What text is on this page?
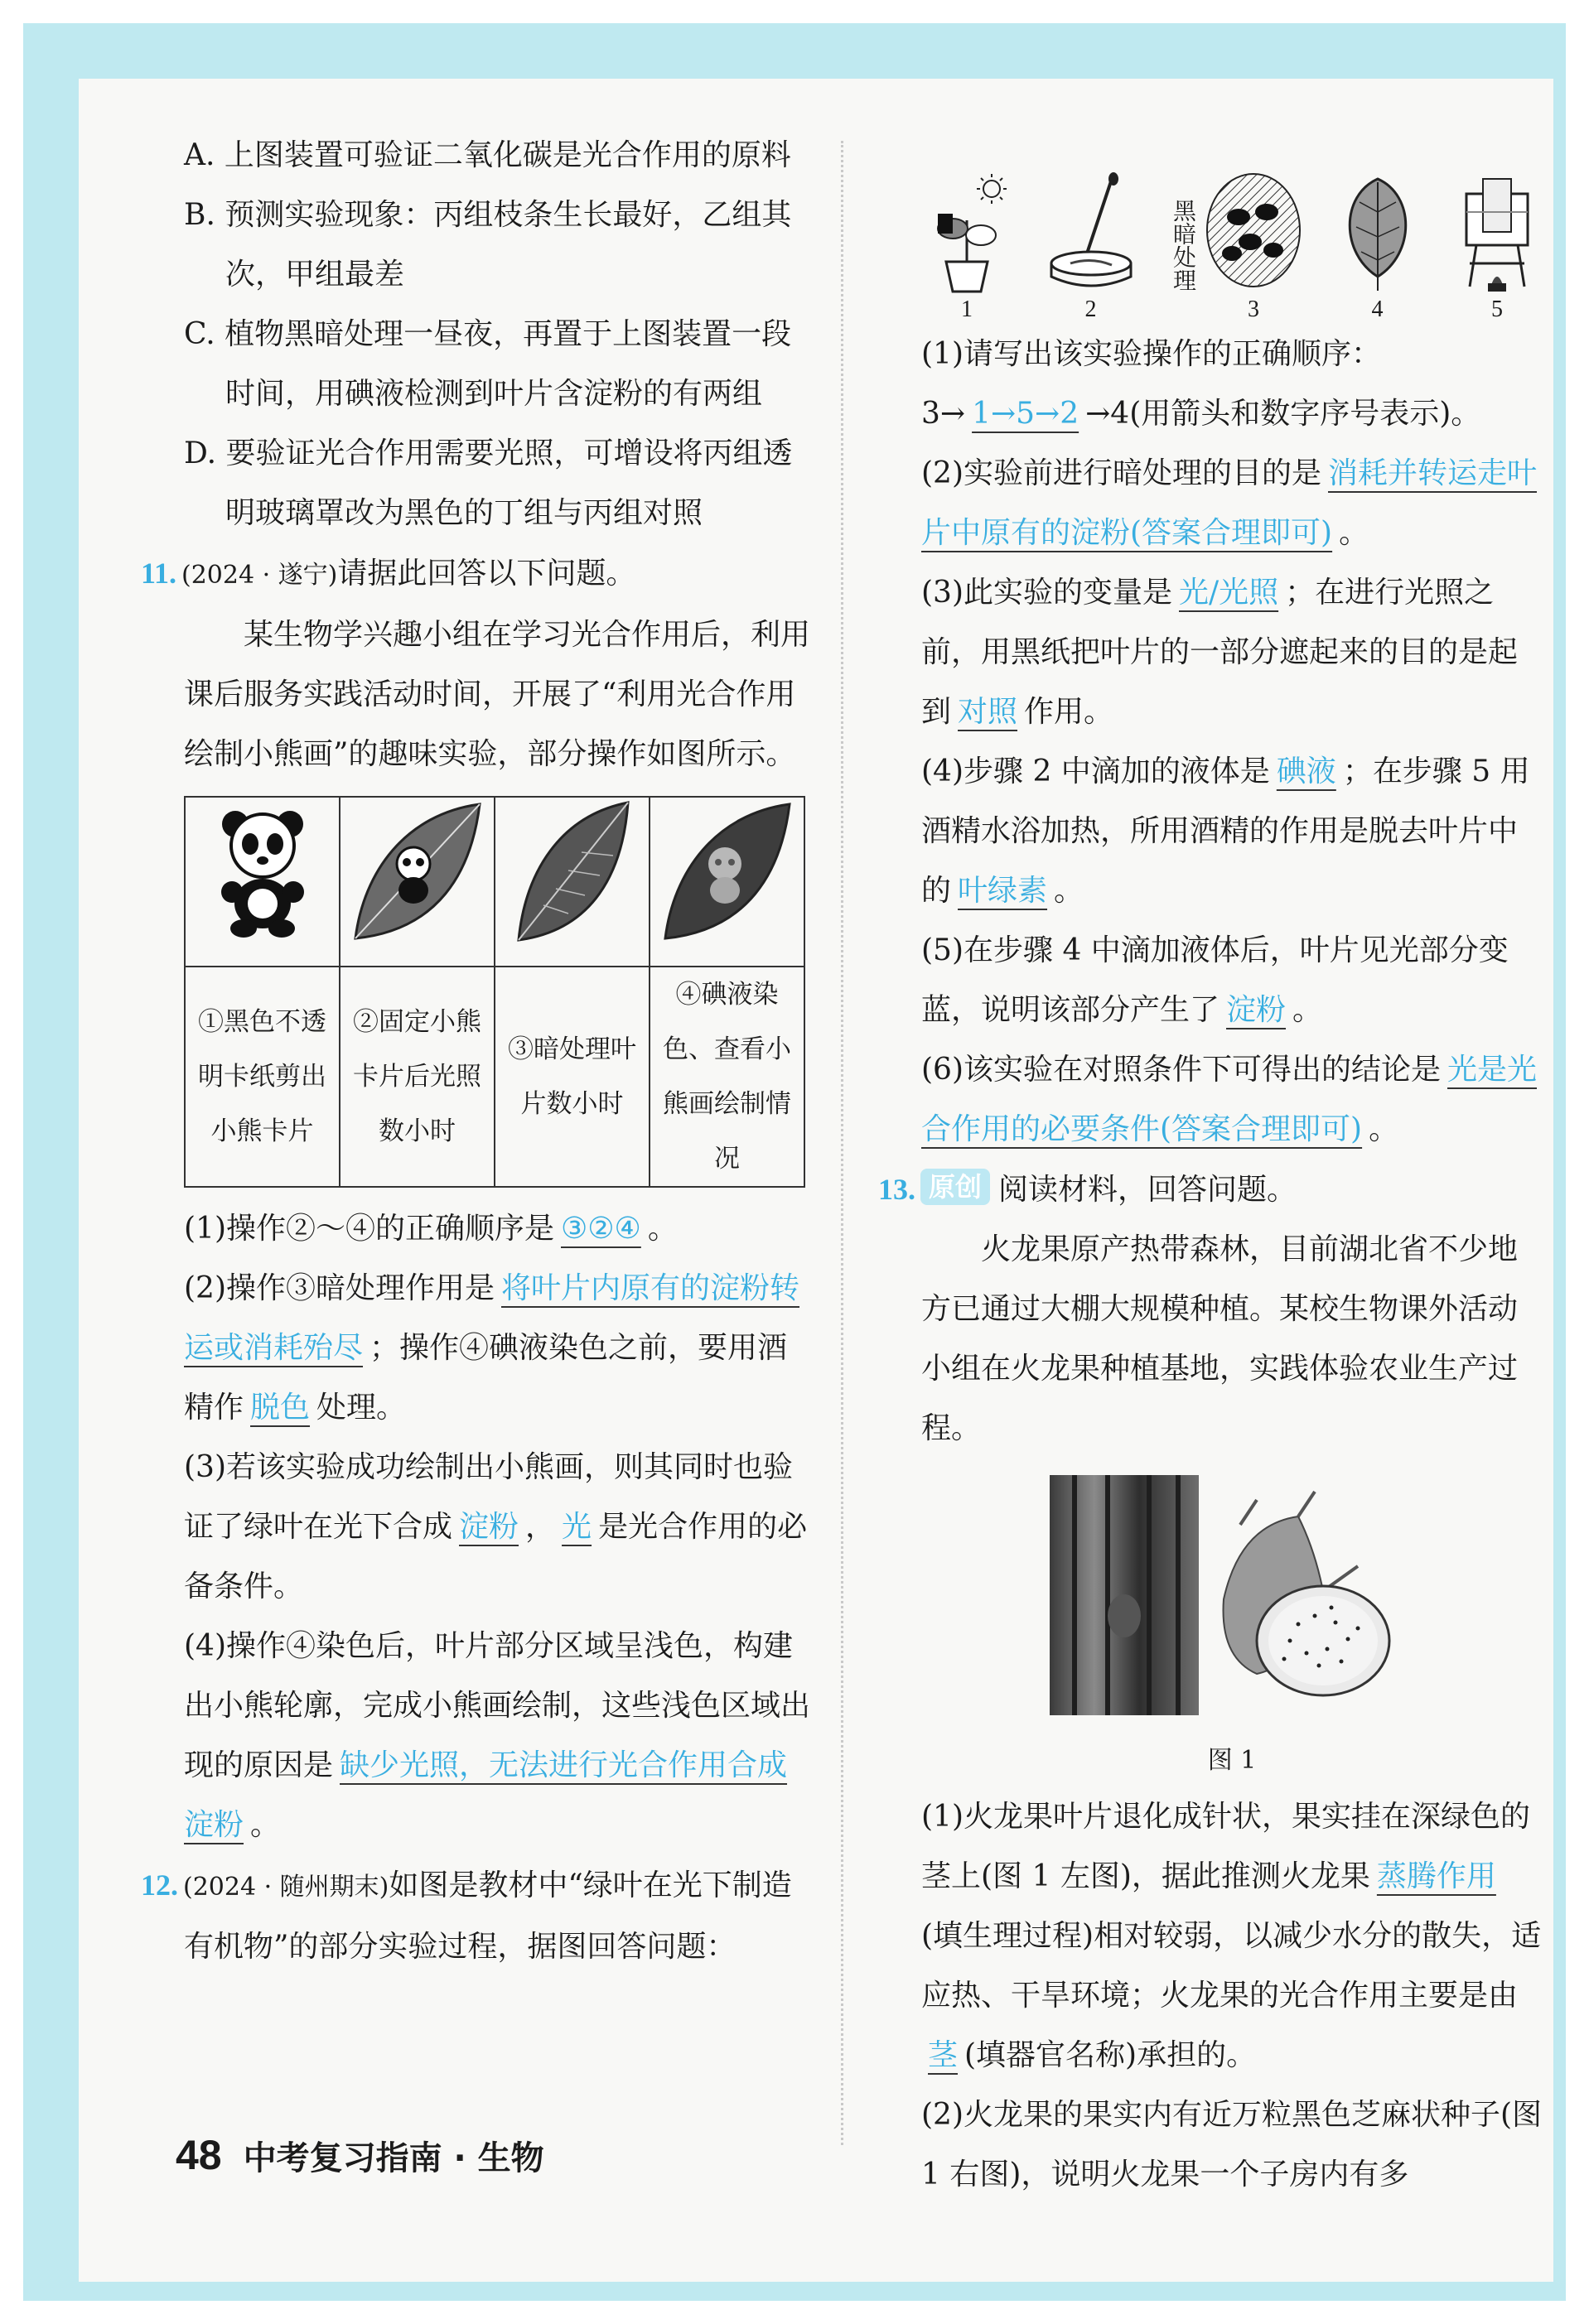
A. 上图装置可验证二氧化碳是光合作用的原料

B. 预测实验现象：丙组枝条生长最好，乙组其次，甲组最差

C. 植物黑暗处理一昼夜，再置于上图装置一段时间，用碘液检测到叶片含淀粉的有两组

D. 要验证光合作用需要光照，可增设将丙组透明玻璃罩改为黑色的丁组与丙组对照

11. (2024 · 遂宁)请据此回答以下问题。

某生物学兴趣小组在学习光合作用后，利用课后服务实践活动时间，开展了“利用光合作用绘制小熊画”的趣味实验，部分操作如图所示。

①黑色不透明卡纸剪出小熊卡片	②固定小熊卡片后光照数小时	③暗处理叶片数小时	④碘液染色、查看小熊画绘制情况

(1)操作②～④的正确顺序是 ③②④ 。

(2)操作③暗处理作用是 将叶片内原有的淀粉转运或消耗殆尽 ；操作④碘液染色之前，要用酒精作 脱色 处理。

(3)若该实验成功绘制出小熊画，则其同时也验证了绿叶在光下合成 淀粉 ， 光 是光合作用的必备条件。

(4)操作④染色后，叶片部分区域呈浅色，构建出小熊轮廓，完成小熊画绘制，这些浅色区域出现的原因是 缺少光照，无法进行光合作用合成淀粉 。

12. (2024 · 随州期末)如图是教材中“绿叶在光下制造有机物”的部分实验过程，据图回答问题：

1	2
黑暗处理
3	4	5

(1)请写出该实验操作的正确顺序：3→ 1→5→2 →4(用箭头和数字序号表示)。

(2)实验前进行暗处理的目的是 消耗并转运走叶片中原有的淀粉(答案合理即可) 。

(3)此实验的变量是 光/光照 ；在进行光照之前，用黑纸把叶片的一部分遮起来的目的是起到 对照 作用。

(4)步骤 2 中滴加的液体是 碘液 ；在步骤 5 用酒精水浴加热，所用酒精的作用是脱去叶片中的 叶绿素 。

(5)在步骤 4 中滴加液体后，叶片见光部分变蓝，说明该部分产生了 淀粉 。

(6)该实验在对照条件下可得出的结论是 光是光合作用的必要条件(答案合理即可) 。

13. 原创 阅读材料，回答问题。

火龙果原产热带森林，目前湖北省不少地方已通过大棚大规模种植。某校生物课外活动小组在火龙果种植基地，实践体验农业生产过程。

图 1

(1)火龙果叶片退化成针状，果实挂在深绿色的茎上(图 1 左图)，据此推测火龙果 蒸腾作用(填生理过程)相对较弱，以减少水分的散失，适应热、干旱环境；火龙果的光合作用主要是由茎 (填器官名称)承担的。

(2)火龙果的果实内有近万粒黑色芝麻状种子(图 1 右图)，说明火龙果一个子房内有多

48 中考复习指南 · 生物
